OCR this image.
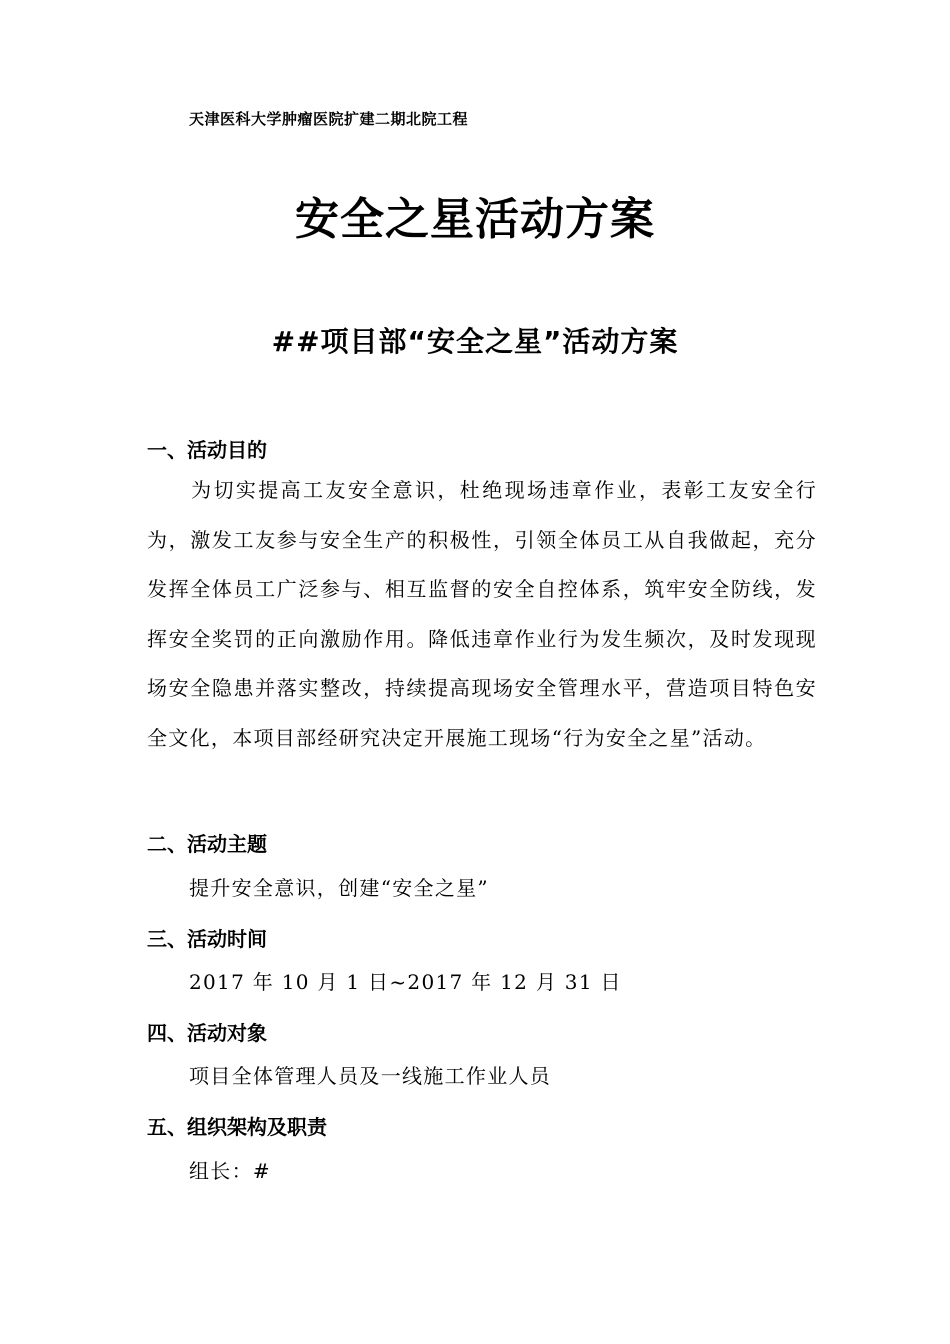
天津医科大学肿瘤医院扩建二期北院工程
安全之星活动方案
##项目部“安全之星”活动方案
一、活动目的
为切实提高工友安全意识，杜绝现场违章作业，表彰工友安全行为，激发工友参与安全生产的积极性，引领全体员工从自我做起，充分发挥全体员工广泛参与、相互监督的安全自控体系，筑牢安全防线，发挥安全奖罚的正向激励作用。降低违章作业行为发生频次，及时发现现场安全隐患并落实整改，持续提高现场安全管理水平，营造项目特色安全文化，本项目部经研究决定开展施工现场“行为安全之星”活动。
二、活动主题
提升安全意识，创建“安全之星”
三、活动时间
2017 年 10 月 1 日~2017 年 12 月 31 日
四、活动对象
项目全体管理人员及一线施工作业人员
五、组织架构及职责
组长：#
